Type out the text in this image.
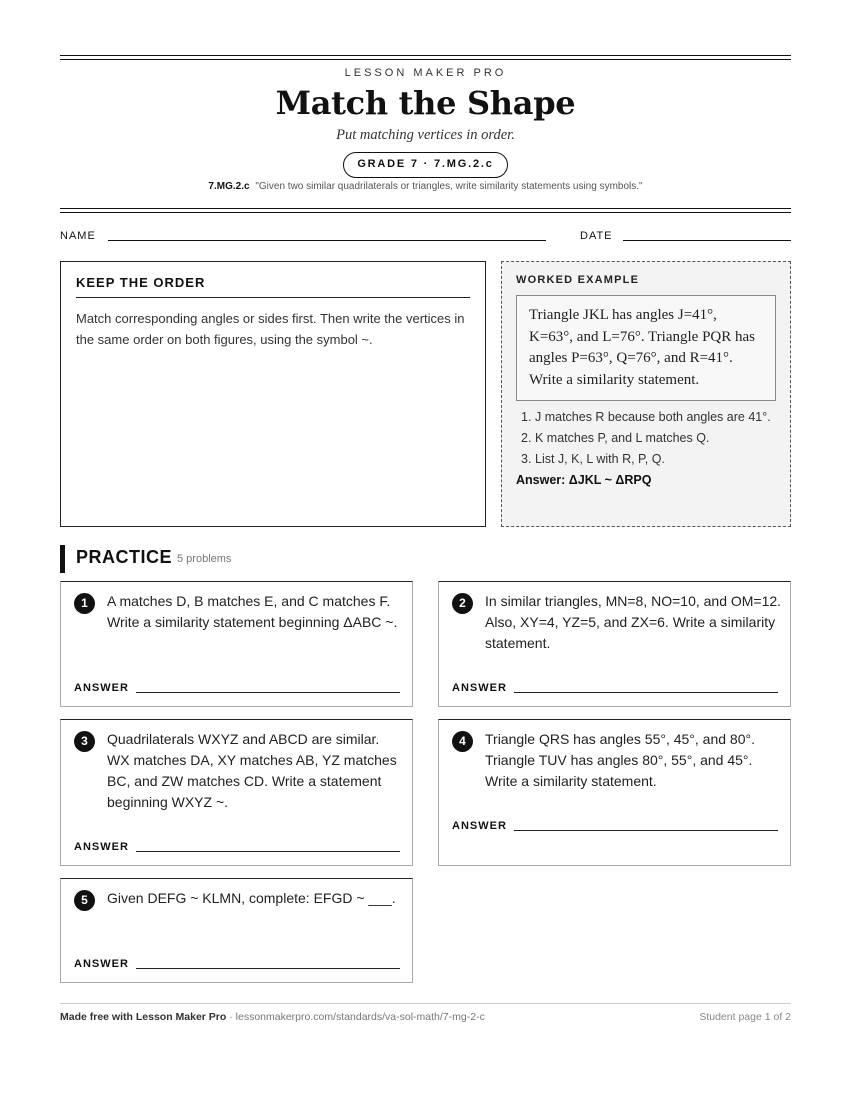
LESSON MAKER PRO
Match the Shape
Put matching vertices in order.
GRADE 7 · 7.MG.2.c
7.MG.2.c "Given two similar quadrilaterals or triangles, write similarity statements using symbols."
NAME	DATE
KEEP THE ORDER
Match corresponding angles or sides first. Then write the vertices in the same order on both figures, using the symbol ~.
WORKED EXAMPLE
Triangle JKL has angles J=41°, K=63°, and L=76°. Triangle PQR has angles P=63°, Q=76°, and R=41°. Write a similarity statement.
1. J matches R because both angles are 41°.
2. K matches P, and L matches Q.
3. List J, K, L with R, P, Q.
Answer: ΔJKL ~ ΔRPQ
PRACTICE 5 problems
1	A matches D, B matches E, and C matches F. Write a similarity statement beginning ΔABC ~.
ANSWER
2	In similar triangles, MN=8, NO=10, and OM=12. Also, XY=4, YZ=5, and ZX=6. Write a similarity statement.
ANSWER
3	Quadrilaterals WXYZ and ABCD are similar. WX matches DA, XY matches AB, YZ matches BC, and ZW matches CD. Write a statement beginning WXYZ ~.
ANSWER
4	Triangle QRS has angles 55°, 45°, and 80°. Triangle TUV has angles 80°, 55°, and 45°. Write a similarity statement.
ANSWER
5	Given DEFG ~ KLMN, complete: EFGD ~ ___.
ANSWER
Made free with Lesson Maker Pro · lessonmakerpro.com/standards/va-sol-math/7-mg-2-c	Student page 1 of 2
